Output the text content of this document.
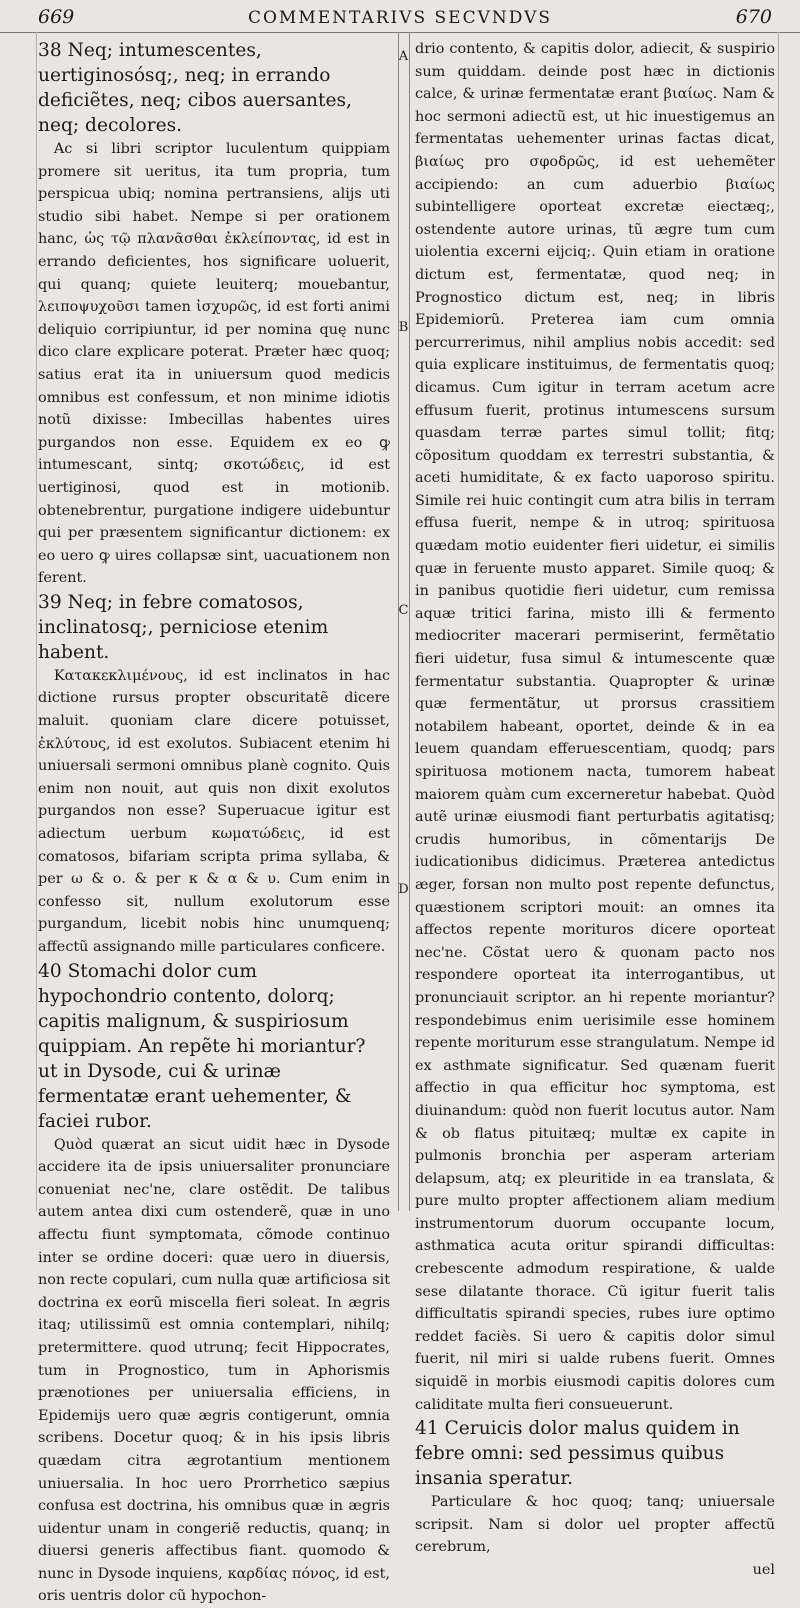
669	COMMENTARIVS SECVNDVS	670
A
B
C
D

38 Neq; intumescentes, uertiginosósq;, neq; in errando deficiẽtes, neq; cibos auersantes, neq; decolores.

Ac si libri scriptor luculentum quippiam promere sit ueritus, ita tum propria, tum perspicua ubiq; nomina pertransiens, alijs uti studio sibi habet. Nempe si per orationem hanc, ὡς τῷ πλανᾶσθαι ἐκλείποντας, id est in errando deficientes, hos significare uoluerit, qui quanq; quiete leuiterq; mouebantur, λειποψυχοῦσι tamen ἰσχυρῶς, id est forti animi deliquio corripiuntur, id per nomina quę nunc dico clare explicare poterat. Præter hæc quoq; satius erat ita in uniuersum quod medicis omnibus est confessum, et non minime idiotis notũ dixisse: Imbecillas habentes uires purgandos non esse. Equidem ex eo ꝙ intumescant, sintq; σκοτώδεις, id est uertiginosi, quod est in motionib. obtenebrentur, purgatione indigere uidebuntur qui per præsentem significantur dictionem: ex eo uero ꝙ uires collapsæ sint, uacuationem non ferent.

39 Neq; in febre comatosos, inclinatosq;, perniciose etenim habent.

Κατακεκλιμένους, id est inclinatos in hac dictione rursus propter obscuritatẽ dicere maluit. quoniam clare dicere potuisset, ἐκλύτους, id est exolutos. Subiacent etenim hi uniuersali sermoni omnibus planè cognito. Quis enim non nouit, aut quis non dixit exolutos purgandos non esse? Superuacue igitur est adiectum uerbum κωματώδεις, id est comatosos, bifariam scripta prima syllaba, & per ω & ο. & per κ & α & υ. Cum enim in confesso sit, nullum exolutorum esse purgandum, licebit nobis hinc unumquenq; affectũ assignando mille particulares conficere.

40 Stomachi dolor cum hypochondrio contento, dolorq; capitis malignum, & suspiriosum quippiam. An repẽte hi moriantur? ut in Dysode, cui & urinæ fermentatæ erant uehementer, & faciei rubor.

Quòd quærat an sicut uidit hæc in Dysode accidere ita de ipsis uniuersaliter pronunciare conueniat nec'ne, clare ostẽdit. De talibus autem antea dixi cum ostenderẽ, quæ in uno affectu fiunt symptomata, cõmode continuo inter se ordine doceri: quæ uero in diuersis, non recte copulari, cum nulla quæ artificiosa sit doctrina ex eorũ miscella fieri soleat. In ægris itaq; utilissimũ est omnia contemplari, nihilq; pretermittere. quod utrunq; fecit Hippocrates, tum in Prognostico, tum in Aphorismis prænotiones per uniuersalia efficiens, in Epidemijs uero quæ ægris contigerunt, omnia scribens. Docetur quoq; & in his ipsis libris quædam citra ægrotantium mentionem uniuersalia. In hoc uero Prorrhetico sæpius confusa est doctrina, his omnibus quæ in ægris uidentur unam in congeriẽ reductis, quanq; in diuersi generis affectibus fiant. quomodo & nunc in Dysode inquiens, καρδίας πόνος, id est, oris uentris dolor cũ hypochon-

drio contento, & capitis dolor, adiecit, & suspirio sum quiddam. deinde post hæc in dictionis calce, & urinæ fermentatæ erant βιαίως. Nam & hoc sermoni adiectũ est, ut hic inuestigemus an fermentatas uehementer urinas factas dicat, βιαίως pro σφοδρῶς, id est uehemẽter accipiendo: an cum aduerbio βιαίως subintelligere oporteat excretæ eiectæq;, ostendente autore urinas, tũ ægre tum cum uiolentia excerni eijciq;. Quin etiam in oratione dictum est, fermentatæ, quod neq; in Prognostico dictum est, neq; in libris Epidemiorũ. Preterea iam cum omnia percurrerimus, nihil amplius nobis accedit: sed quia explicare instituimus, de fermentatis quoq; dicamus. Cum igitur in terram acetum acre effusum fuerit, protinus intumescens sursum quasdam terræ partes simul tollit; fitq; cõpositum quoddam ex terrestri substantia, & aceti humiditate, & ex facto uaporoso spiritu. Simile rei huic contingit cum atra bilis in terram effusa fuerit, nempe & in utroq; spirituosa quædam motio euidenter fieri uidetur, ei similis quæ in feruente musto apparet. Simile quoq; & in panibus quotidie fieri uidetur, cum remissa aquæ tritici farina, misto illi & fermento mediocriter macerari permiserint, fermẽtatio fieri uidetur, fusa simul & intumescente quæ fermentatur substantia. Quapropter & urinæ quæ fermentãtur, ut prorsus crassitiem notabilem habeant, oportet, deinde & in ea leuem quandam efferuescentiam, quodq; pars spirituosa motionem nacta, tumorem habeat maiorem quàm cum excerneretur habebat. Quòd autẽ urinæ eiusmodi fiant perturbatis agitatisq; crudis humoribus, in cõmentarijs De iudicationibus didicimus. Præterea antedictus æger, forsan non multo post repente defunctus, quæstionem scriptori mouit: an omnes ita affectos repente morituros dicere oporteat nec'ne. Cõstat uero & quonam pacto nos respondere oporteat ita interrogantibus, ut pronunciauit scriptor. an hi repente moriantur? respondebimus enim uerisimile esse hominem repente moriturum esse strangulatum. Nempe id ex asthmate significatur. Sed quænam fuerit affectio in qua efficitur hoc symptoma, est diuinandum: quòd non fuerit locutus autor. Nam & ob flatus pituitæq; multæ ex capite in pulmonis bronchia per asperam arteriam delapsum, atq; ex pleuritide in ea translata, & pure multo propter affectionem aliam medium instrumentorum duorum occupante locum, asthmatica acuta oritur spirandi difficultas: crebescente admodum respiratione, & ualde sese dilatante thorace. Cũ igitur fuerit talis difficultatis spirandi species, rubes iure optimo reddet faciès. Si uero & capitis dolor simul fuerit, nil miri si ualde rubens fuerit. Omnes siquidẽ in morbis eiusmodi capitis dolores cum caliditate multa fieri consueuerunt.

41 Ceruicis dolor malus quidem in febre omni: sed pessimus quibus insania speratur.

Particulare & hoc quoq; tanq; uniuersale scripsit. Nam si dolor uel propter affectũ cerebrum,

uel
